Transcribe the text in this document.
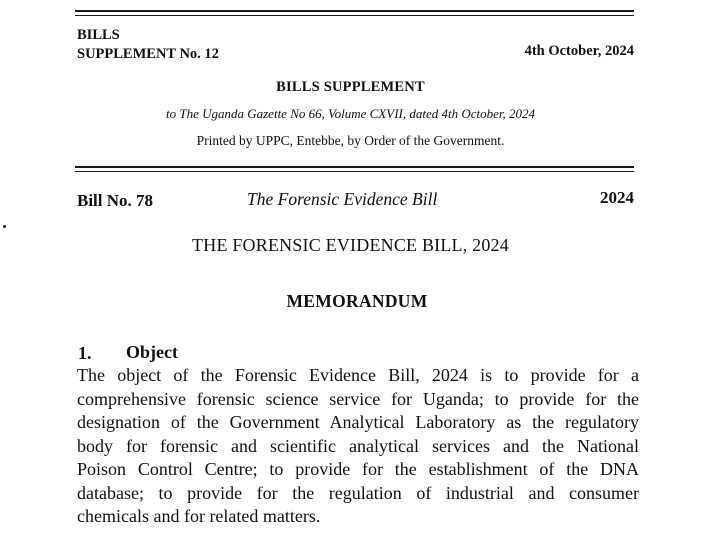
BILLS
SUPPLEMENT No. 12	4th October, 2024
BILLS SUPPLEMENT
to The Uganda Gazette No 66, Volume CXVII, dated 4th October, 2024
Printed by UPPC, Entebbe, by Order of the Government.
Bill No. 78	The Forensic Evidence Bill	2024
THE FORENSIC EVIDENCE BILL, 2024
MEMORANDUM
1. Object
The object of the Forensic Evidence Bill, 2024 is to provide for a
comprehensive forensic science service for Uganda; to provide for the
designation of the Government Analytical Laboratory as the regulatory
body for forensic and scientific analytical services and the National
Poison Control Centre; to provide for the establishment of the DNA
database; to provide for the regulation of industrial and consumer
chemicals and for related matters.
